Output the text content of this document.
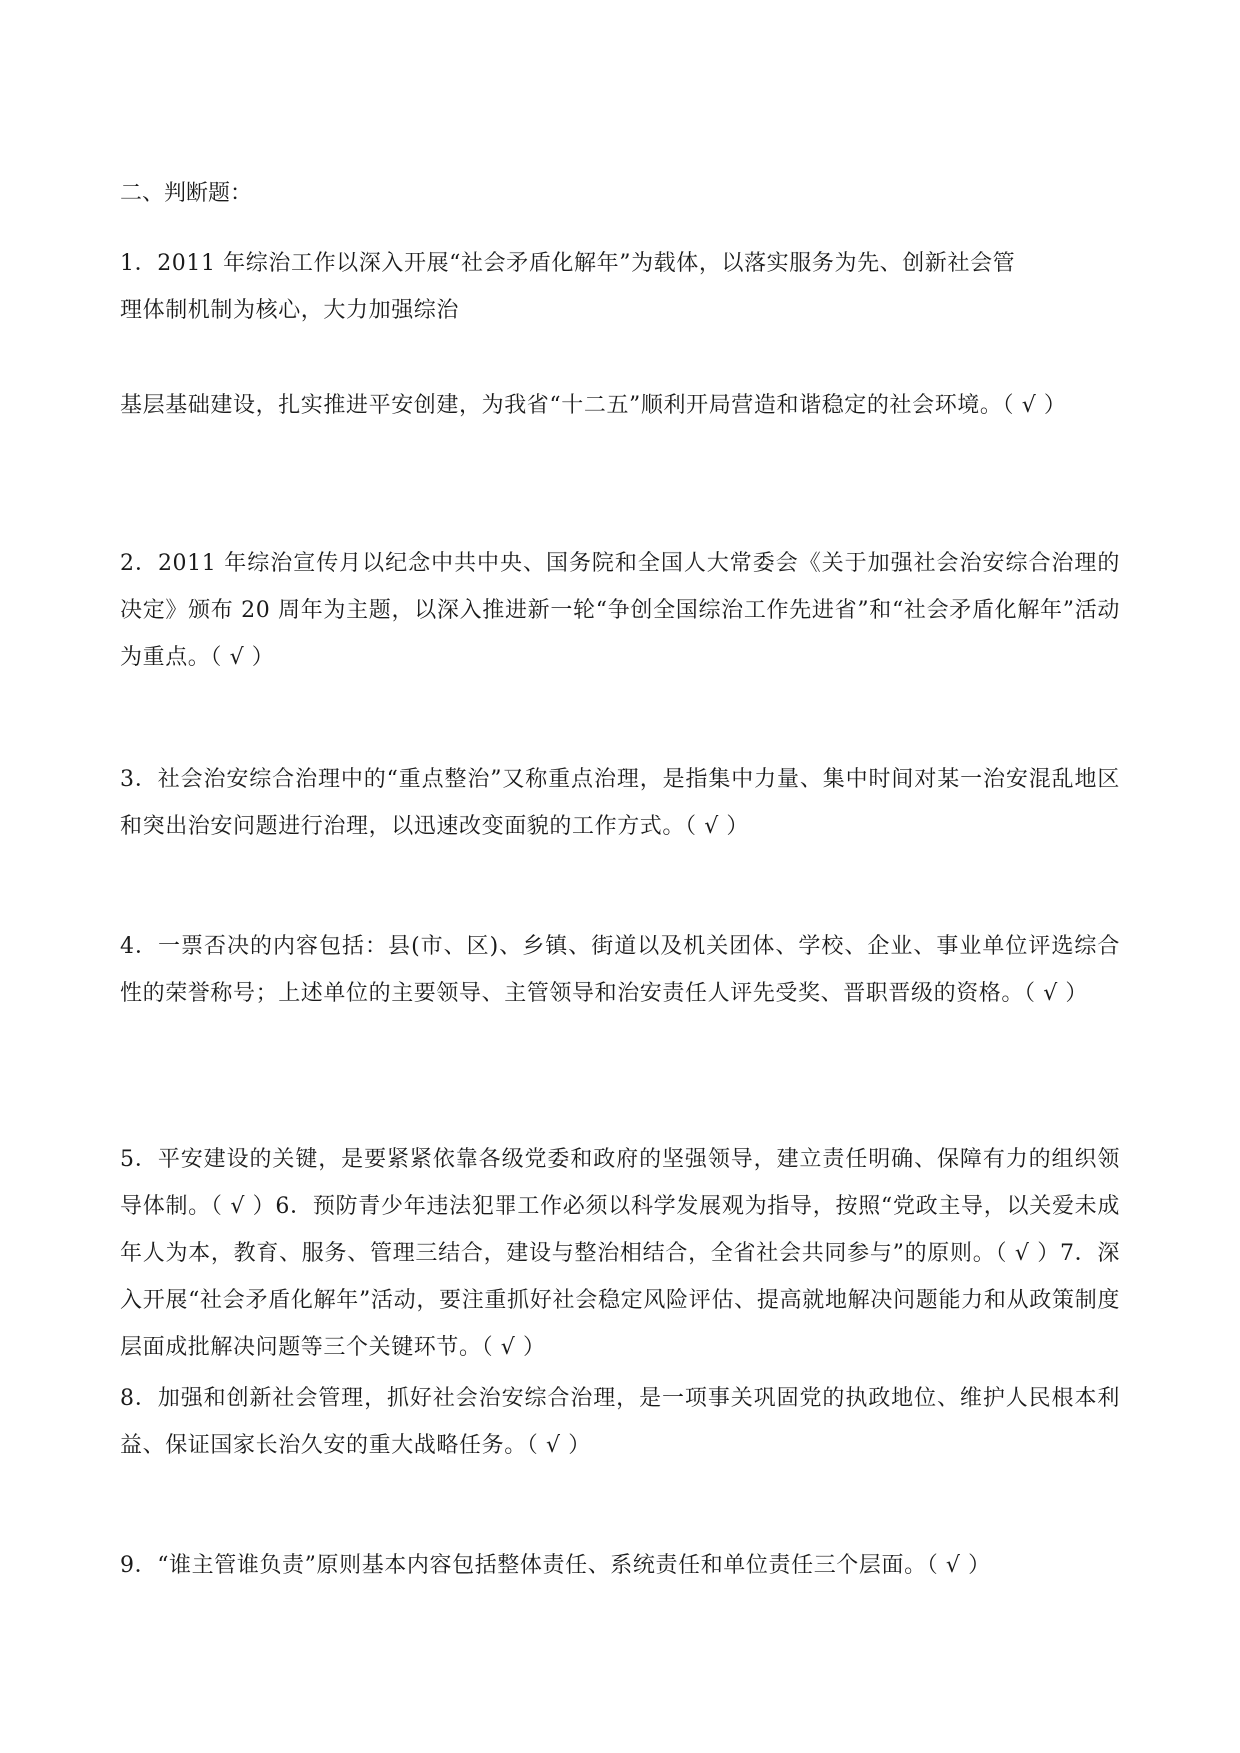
二、判断题：

1．2011 年综治工作以深入开展“社会矛盾化解年”为载体，以落实服务为先、创新社会管

理体制机制为核心，大力加强综治

基层基础建设，扎实推进平安创建，为我省“十二五”顺利开局营造和谐稳定的社会环境。（ √ ）

2．2011 年综治宣传月以纪念中共中央、国务院和全国人大常委会《关于加强社会治安综合治理的决定》颁布 20 周年为主题，以深入推进新一轮“争创全国综治工作先进省”和“社会矛盾化解年”活动为重点。（ √ ）

3．社会治安综合治理中的“重点整治”又称重点治理，是指集中力量、集中时间对某一治安混乱地区和突出治安问题进行治理，以迅速改变面貌的工作方式。（ √ ）

4．一票否决的内容包括：县(市、区)、乡镇、街道以及机关团体、学校、企业、事业单位评选综合性的荣誉称号；上述单位的主要领导、主管领导和治安责任人评先受奖、晋职晋级的资格。（ √ ）

5．平安建设的关键，是要紧紧依靠各级党委和政府的坚强领导，建立责任明确、保障有力的组织领导体制。（ √ ）6．预防青少年违法犯罪工作必须以科学发展观为指导，按照“党政主导，以关爱未成年人为本，教育、服务、管理三结合，建设与整治相结合，全省社会共同参与”的原则。（ √ ）7．深入开展“社会矛盾化解年”活动，要注重抓好社会稳定风险评估、提高就地解决问题能力和从政策制度层面成批解决问题等三个关键环节。（ √ ）

8．加强和创新社会管理，抓好社会治安综合治理，是一项事关巩固党的执政地位、维护人民根本利益、保证国家长治久安的重大战略任务。（ √ ）

9．“谁主管谁负责”原则基本内容包括整体责任、系统责任和单位责任三个层面。（ √ ）
